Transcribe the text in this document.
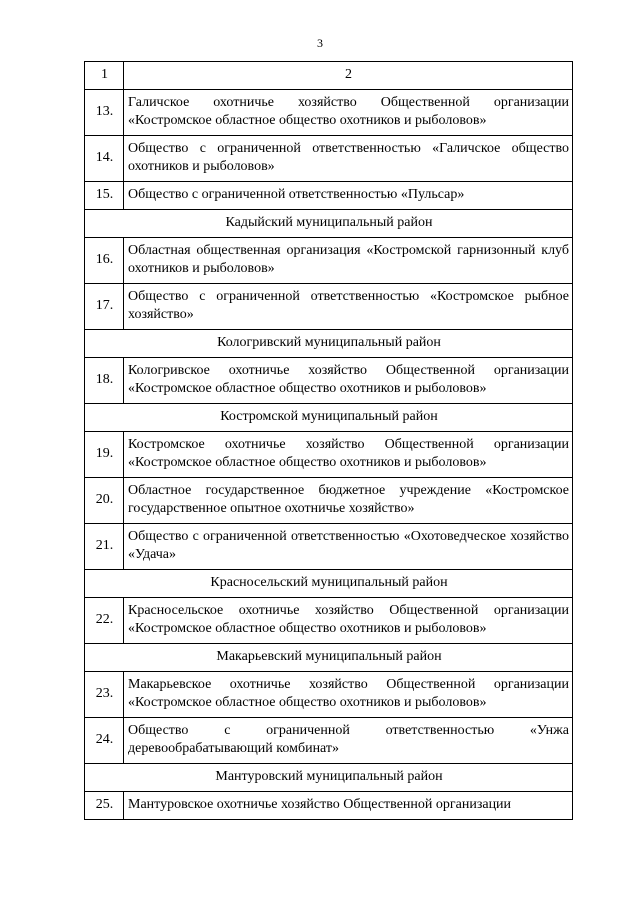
3
1	2
13.	Галичское охотничье хозяйство Общественной организации «Костромское областное общество охотников и рыболовов»
14.	Общество с ограниченной ответственностью «Галичское общество охотников и рыболовов»
15.	Общество с ограниченной ответственностью «Пульсар»
Кадыйский муниципальный район	
16.	Областная общественная организация «Костромской гарнизонный клуб охотников и рыболовов»
17.	Общество с ограниченной ответственностью «Костромское рыбное хозяйство»
Кологривский муниципальный район	
18.	Кологривское охотничье хозяйство Общественной организации «Костромское областное общество охотников и рыболовов»
Костромской муниципальный район	
19.	Костромское охотничье хозяйство Общественной организации «Костромское областное общество охотников и рыболовов»
20.	Областное государственное бюджетное учреждение «Костромское государственное опытное охотничье хозяйство»
21.	Общество с ограниченной ответственностью «Охотоведческое хозяйство «Удача»
Красносельский муниципальный район	
22.	Красносельское охотничье хозяйство Общественной организации «Костромское областное общество охотников и рыболовов»
Макарьевский муниципальный район	
23.	Макарьевское охотничье хозяйство Общественной организации «Костромское областное общество охотников и рыболовов»
24.	Общество с ограниченной ответственностью «Унжа деревообрабатывающий комбинат»
Мантуровский муниципальный район	
25.	Мантуровское охотничье хозяйство Общественной организации
